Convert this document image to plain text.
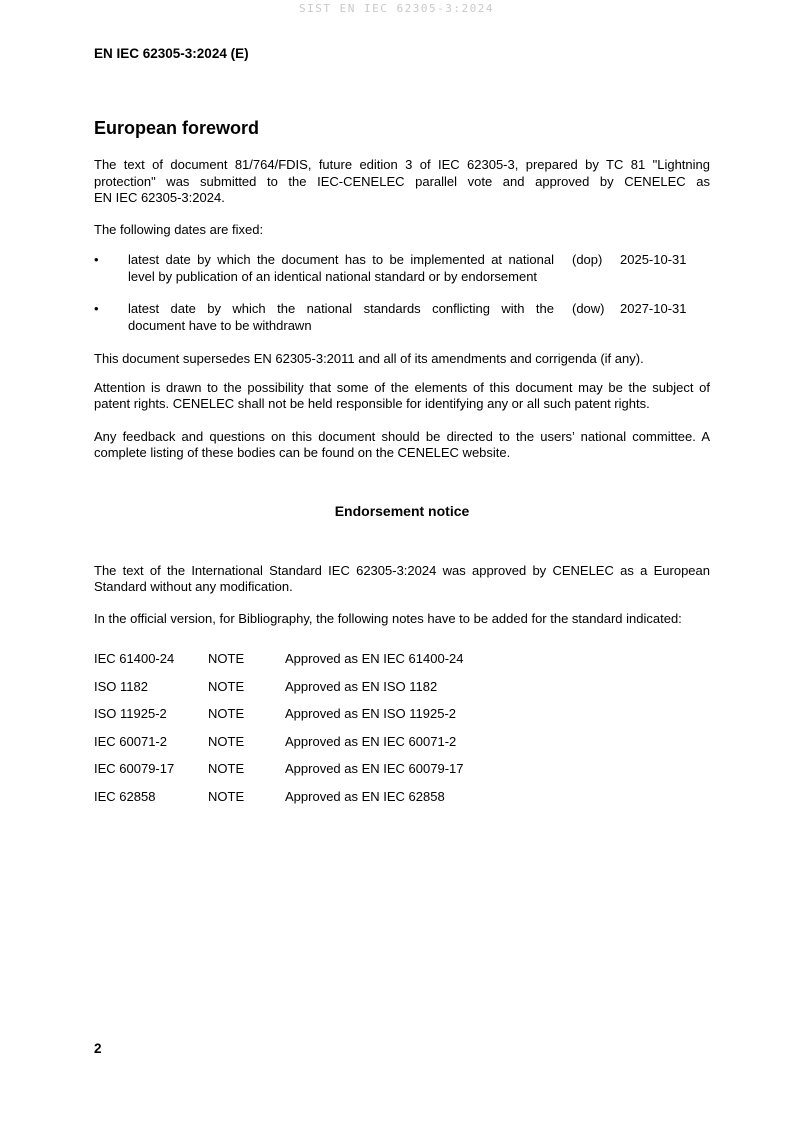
SIST EN IEC 62305-3:2024
EN IEC 62305-3:2024 (E)
European foreword
The text of document 81/764/FDIS, future edition 3 of IEC 62305-3, prepared by TC 81 "Lightning
protection" was submitted to the IEC-CENELEC parallel vote and approved by CENELEC as
EN IEC 62305-3:2024.
The following dates are fixed:
•	latest date by which the document has to be implemented at national
level by publication of an identical national standard or by endorsement
(dop)	2025-10-31
•	latest date by which the national standards conflicting with the
document have to be withdrawn
(dow)	2027-10-31
This document supersedes EN 62305-3:2011 and all of its amendments and corrigenda (if any).
Attention is drawn to the possibility that some of the elements of this document may be the subject of
patent rights. CENELEC shall not be held responsible for identifying any or all such patent rights.
Any feedback and questions on this document should be directed to the users’ national committee. A
complete listing of these bodies can be found on the CENELEC website.
Endorsement notice
The text of the International Standard IEC 62305-3:2024 was approved by CENELEC as a European
Standard without any modification.
In the official version, for Bibliography, the following notes have to be added for the standard indicated:
IEC 61400-24	NOTE	Approved as EN IEC 61400-24
ISO 1182	NOTE	Approved as EN ISO 1182
ISO 11925-2	NOTE	Approved as EN ISO 11925-2
IEC 60071-2	NOTE	Approved as EN IEC 60071-2
IEC 60079-17	NOTE	Approved as EN IEC 60079-17
IEC 62858	NOTE	Approved as EN IEC 62858
2
